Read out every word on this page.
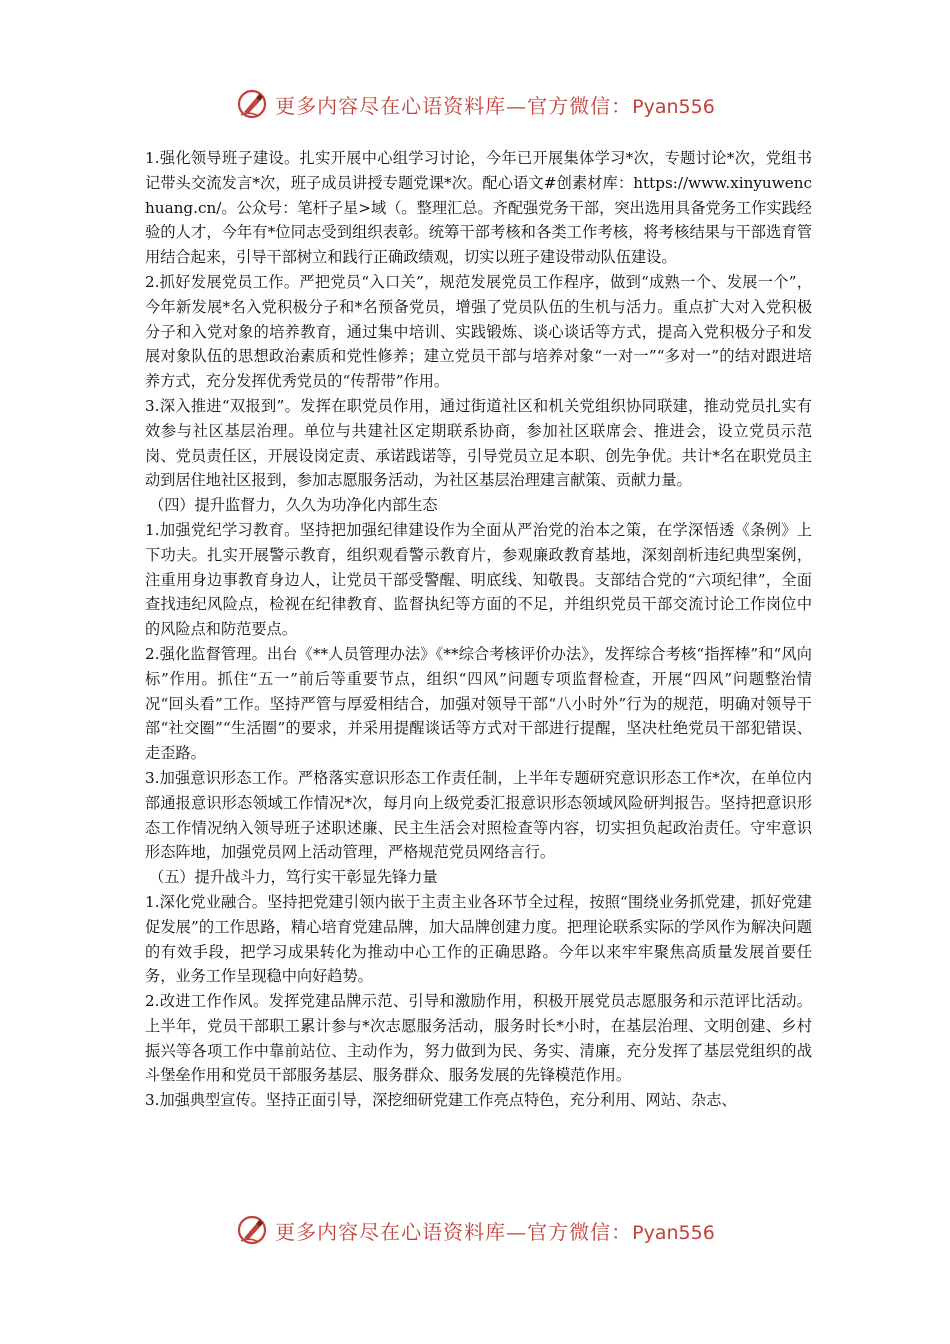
更多内容尽在心语资料库—官方微信：Pyan556

1.强化领导班子建设。扎实开展中心组学习讨论，今年已开展集体学习*次，专题讨论*次，党组书记带头交流发言*次，班子成员讲授专题党课*次。配心语文#创素材库：https://www.xinyuwenchuang.cn/。公众号：笔杆子星>域（。整理汇总。齐配强党务干部，突出选用具备党务工作实践经验的人才，今年有*位同志受到组织表彰。统筹干部考核和各类工作考核，将考核结果与干部选育管用结合起来，引导干部树立和践行正确政绩观，切实以班子建设带动队伍建设。

2.抓好发展党员工作。严把党员“入口关”，规范发展党员工作程序，做到“成熟一个、发展一个”，今年新发展*名入党积极分子和*名预备党员，增强了党员队伍的生机与活力。重点扩大对入党积极分子和入党对象的培养教育，通过集中培训、实践锻炼、谈心谈话等方式，提高入党积极分子和发展对象队伍的思想政治素质和党性修养；建立党员干部与培养对象“一对一”“多对一”的结对跟进培养方式，充分发挥优秀党员的“传帮带”作用。

3.深入推进“双报到”。发挥在职党员作用，通过街道社区和机关党组织协同联建，推动党员扎实有效参与社区基层治理。单位与共建社区定期联系协商，参加社区联席会、推进会，设立党员示范岗、党员责任区，开展设岗定责、承诺践诺等，引导党员立足本职、创先争优。共计*名在职党员主动到居住地社区报到，参加志愿服务活动，为社区基层治理建言献策、贡献力量。

（四）提升监督力，久久为功净化内部生态

1.加强党纪学习教育。坚持把加强纪律建设作为全面从严治党的治本之策，在学深悟透《条例》上下功夫。扎实开展警示教育，组织观看警示教育片，参观廉政教育基地，深刻剖析违纪典型案例，注重用身边事教育身边人，让党员干部受警醒、明底线、知敬畏。支部结合党的“六项纪律”，全面查找违纪风险点，检视在纪律教育、监督执纪等方面的不足，并组织党员干部交流讨论工作岗位中的风险点和防范要点。

2.强化监督管理。出台《**人员管理办法》《**综合考核评价办法》，发挥综合考核“指挥棒”和“风向标”作用。抓住“五一”前后等重要节点，组织“四风”问题专项监督检查，开展“四风”问题整治情况“回头看”工作。坚持严管与厚爱相结合，加强对领导干部“八小时外”行为的规范，明确对领导干部“社交圈”“生活圈”的要求，并采用提醒谈话等方式对干部进行提醒，坚决杜绝党员干部犯错误、走歪路。

3.加强意识形态工作。严格落实意识形态工作责任制，上半年专题研究意识形态工作*次，在单位内部通报意识形态领域工作情况*次，每月向上级党委汇报意识形态领域风险研判报告。坚持把意识形态工作情况纳入领导班子述职述廉、民主生活会对照检查等内容，切实担负起政治责任。守牢意识形态阵地，加强党员网上活动管理，严格规范党员网络言行。

（五）提升战斗力，笃行实干彰显先锋力量

1.深化党业融合。坚持把党建引领内嵌于主责主业各环节全过程，按照“围绕业务抓党建，抓好党建促发展”的工作思路，精心培育党建品牌，加大品牌创建力度。把理论联系实际的学风作为解决问题的有效手段，把学习成果转化为推动中心工作的正确思路。今年以来牢牢聚焦高质量发展首要任务，业务工作呈现稳中向好趋势。

2.改进工作作风。发挥党建品牌示范、引导和激励作用，积极开展党员志愿服务和示范评比活动。上半年，党员干部职工累计参与*次志愿服务活动，服务时长*小时，在基层治理、文明创建、乡村振兴等各项工作中靠前站位、主动作为，努力做到为民、务实、清廉，充分发挥了基层党组织的战斗堡垒作用和党员干部服务基层、服务群众、服务发展的先锋模范作用。

3.加强典型宣传。坚持正面引导，深挖细研党建工作亮点特色，充分利用、网站、杂志、

更多内容尽在心语资料库—官方微信：Pyan556
